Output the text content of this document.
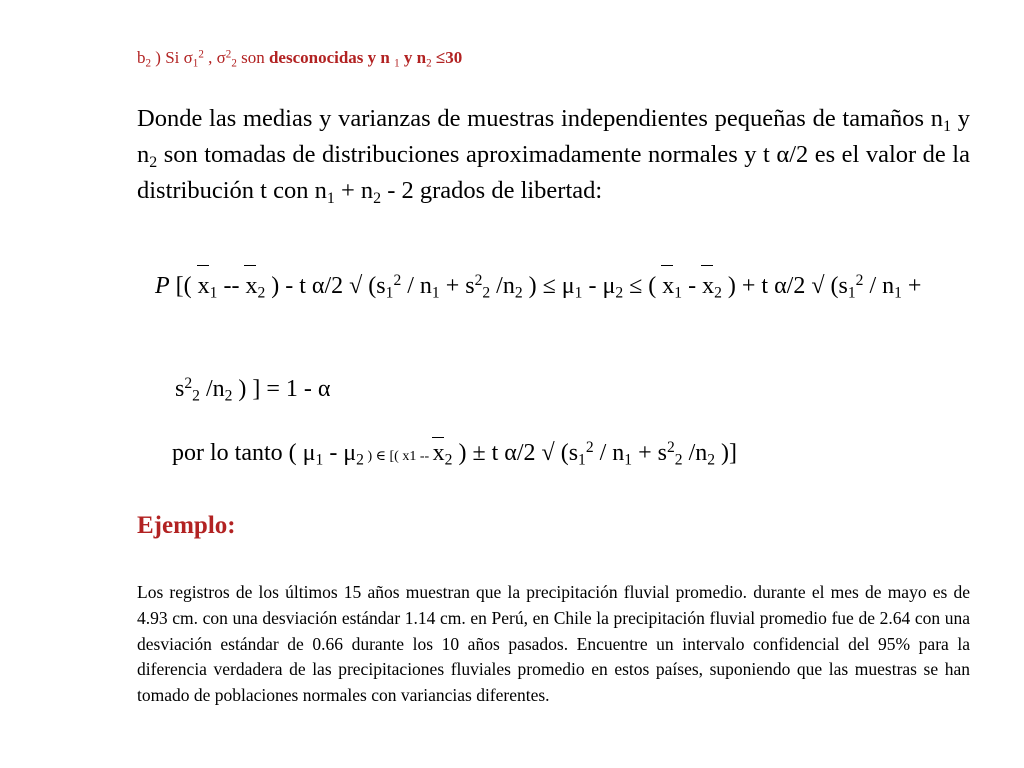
$b_2$ ) Si $\sigma_1^2$ , $\sigma^2_2$ son desconocidas y n $_1$ y $n_2 \le 30$

Donde las medias y varianzas de muestras independientes pequeñas de tamaños $n_1$ y $n_2$ son tomadas de distribuciones aproximadamente normales y t α/2 es el valor de la distribución t con $n_1 + n_2 - 2$ grados de libertad:

P [( $x_1 -- x_2$ ) - t α/2 √ ($s_1^2 / n_1 + s^2_2$ $/n_2$ ) ≤ $\mu_1 - \mu_2$ ≤ ( $x_1 - x_2$ ) + t α/2 √ ($s_1^2 / n_1$ +

$s^2_2$ $/n_2$ ) ] = 1 - α
por lo tanto ( $\mu_1 - \mu_2$ ) ∈ [( $x1 -- x_2$ ) ± t α/2 √ ($s_1^2 / n_1 + s^2_2$ $/n_2$ )]
Ejemplo:

Los registros de los últimos 15 años muestran que la precipitación fluvial promedio. durante el mes de mayo es de 4.93 cm. con una desviación estándar 1.14 cm. en Perú, en Chile la precipitación fluvial promedio fue de 2.64 con una desviación estándar de 0.66 durante los 10 años pasados. Encuentre un intervalo confidencial del 95% para la diferencia verdadera de las precipitaciones fluviales promedio en estos países, suponiendo que las muestras se han tomado de poblaciones normales con variancias diferentes.
